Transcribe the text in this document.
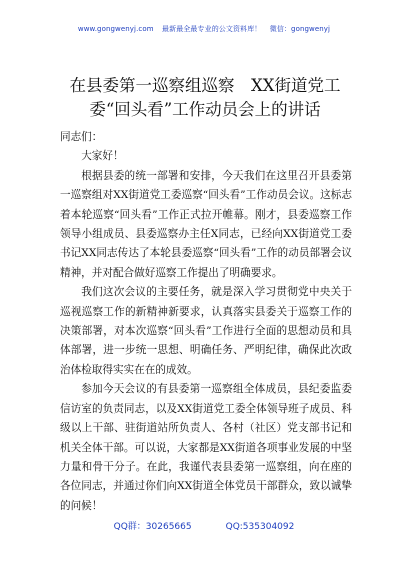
www.gongwenyj.com 最新最全最专业的公文资料库！ 微信：gongwenyj
在县委第一巡察组巡察　XX街道党工委“回头看”工作动员会上的讲话

同志们：

大家好！

根据县委的统一部署和安排，今天我们在这里召开县委第一巡察组对XX街道党工委巡察“回头看”工作动员会议。这标志着本轮巡察“回头看”工作正式拉开帷幕。刚才，县委巡察工作领导小组成员、县委巡察办主任X同志，已经向XX街道党工委书记XX同志传达了本轮县委巡察“回头看”工作的动员部署会议精神，并对配合做好巡察工作提出了明确要求。

我们这次会议的主要任务，就是深入学习贯彻党中央关于巡视巡察工作的新精神新要求，认真落实县委关于巡察工作的决策部署，对本次巡察“回头看”工作进行全面的思想动员和具体部署，进一步统一思想、明确任务、严明纪律，确保此次政治体检取得实实在在的成效。

参加今天会议的有县委第一巡察组全体成员，县纪委监委信访室的负责同志，以及XX街道党工委全体领导班子成员、科级以上干部、驻街道站所负责人、各村（社区）党支部书记和机关全体干部。可以说，大家都是XX街道各项事业发展的中坚力量和骨干分子。在此，我谨代表县委第一巡察组，向在座的各位同志，并通过你们向XX街道全体党员干部群众，致以诚挚的问候！

QQ群：30265665	QQ:535304092
